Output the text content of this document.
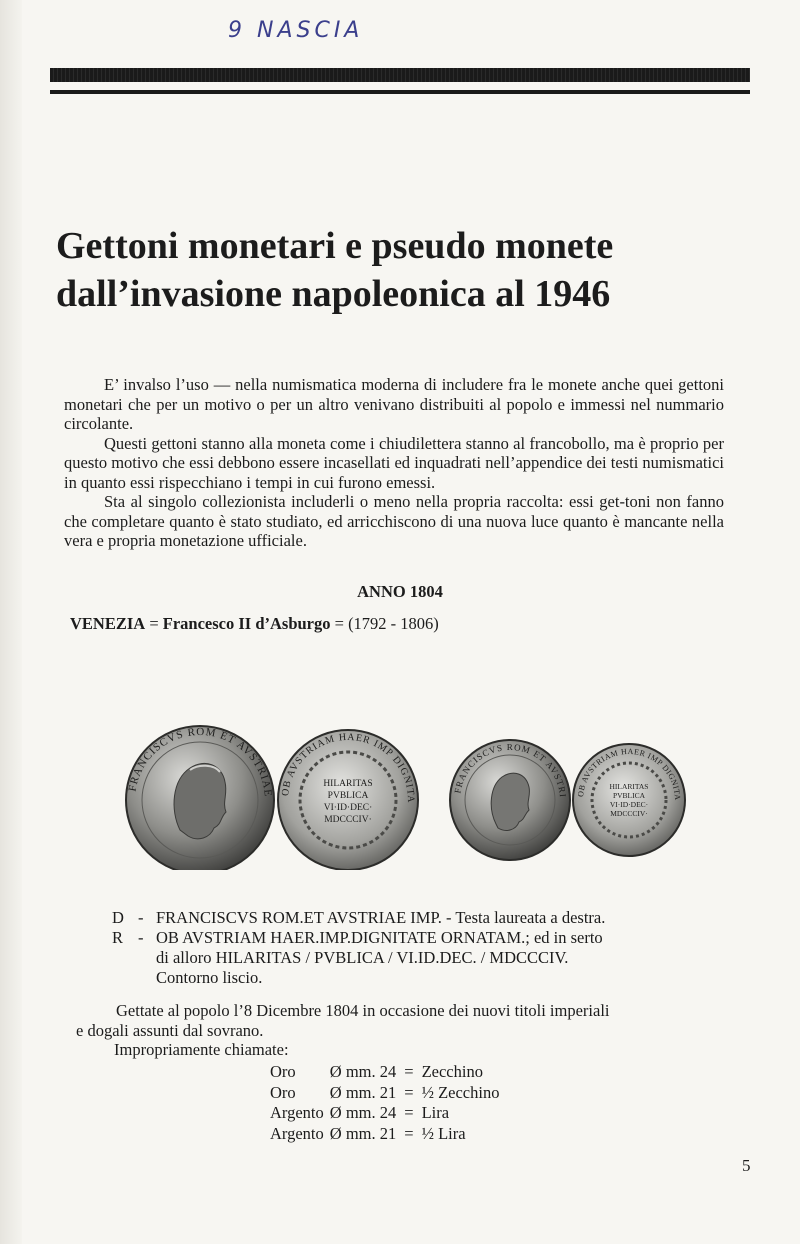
9 NASCIA
Gettoni monetari e pseudo monete
dall’invasione napoleonica al 1946

E’ invalso l’uso — nella numismatica moderna di includere fra le monete anche quei gettoni monetari che per un motivo o per un altro venivano distribuiti al popolo e immessi nel nummario circolante.

Questi gettoni stanno alla moneta come i chiudilettera stanno al francobollo, ma è proprio per questo motivo che essi debbono essere incasellati ed inquadrati nell’appendice dei testi numismatici in quanto essi rispecchiano i tempi in cui furono emessi.

Sta al singolo collezionista includerli o meno nella propria raccolta: essi get-toni non fanno che completare quanto è stato studiato, ed arricchiscono di una nuova luce quanto è mancante nella vera e propria monetazione ufficiale.

ANNO 1804
VENEZIA = Francesco II d’Asburgo = (1792 - 1806)
FRANCISCVS ROM ET AVSTRIAE OB AVSTRIAM HAER IMP DIGNITA
HILARITAS
PVBLICA
VI·ID·DEC·
MDCCCIV·
FRANCISCVS ROM ET AVSTRI	OB AVSTRIAM HAER IMP DIGNITA
HILARITAS
PVBLICA
VI·ID·DEC·
MDCCCIV·
D - FRANCISCVS ROM.ET AVSTRIAE IMP. - Testa laureata a destra.
R - OB AVSTRIAM HAER.IMP.DIGNITATE ORNATAM.; ed in serto
di alloro HILARITAS / PVBLICA / VI.ID.DEC. / MDCCCIV.
Contorno liscio.

Gettate al popolo l’8 Dicembre 1804 in occasione dei nuovi titoli imperiali

e dogali assunti dal sovrano.

Impropriamente chiamate:

Oro	Ø mm. 24	=	Zecchino
Oro	Ø mm. 21	=	½ Zecchino
Argento	Ø mm. 24	=	Lira
Argento	Ø mm. 21	=	½ Lira
5
